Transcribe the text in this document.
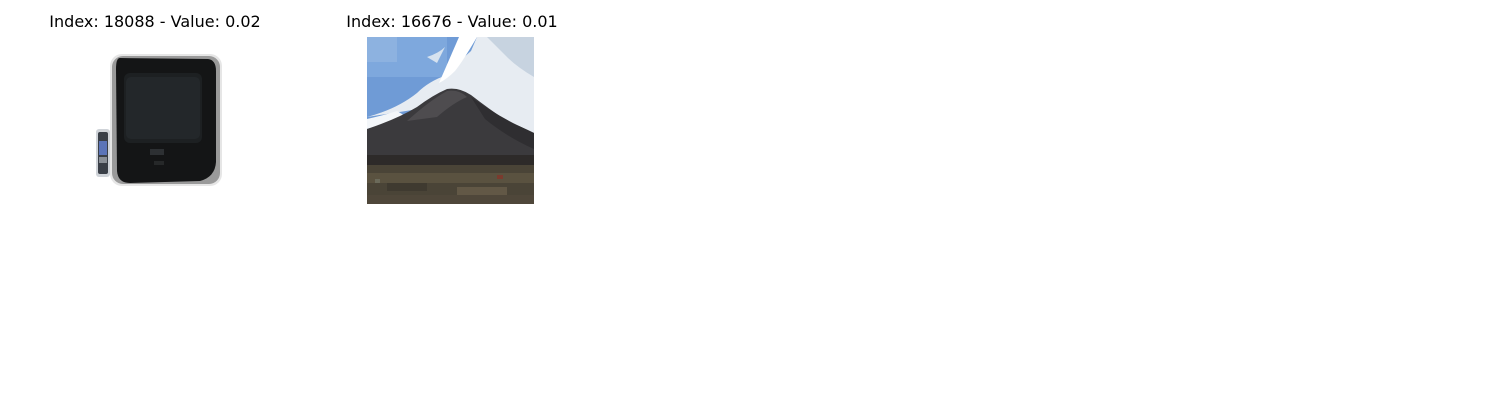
Index: 18088 - Value: 0.02	Index: 16676 - Value: 0.01
